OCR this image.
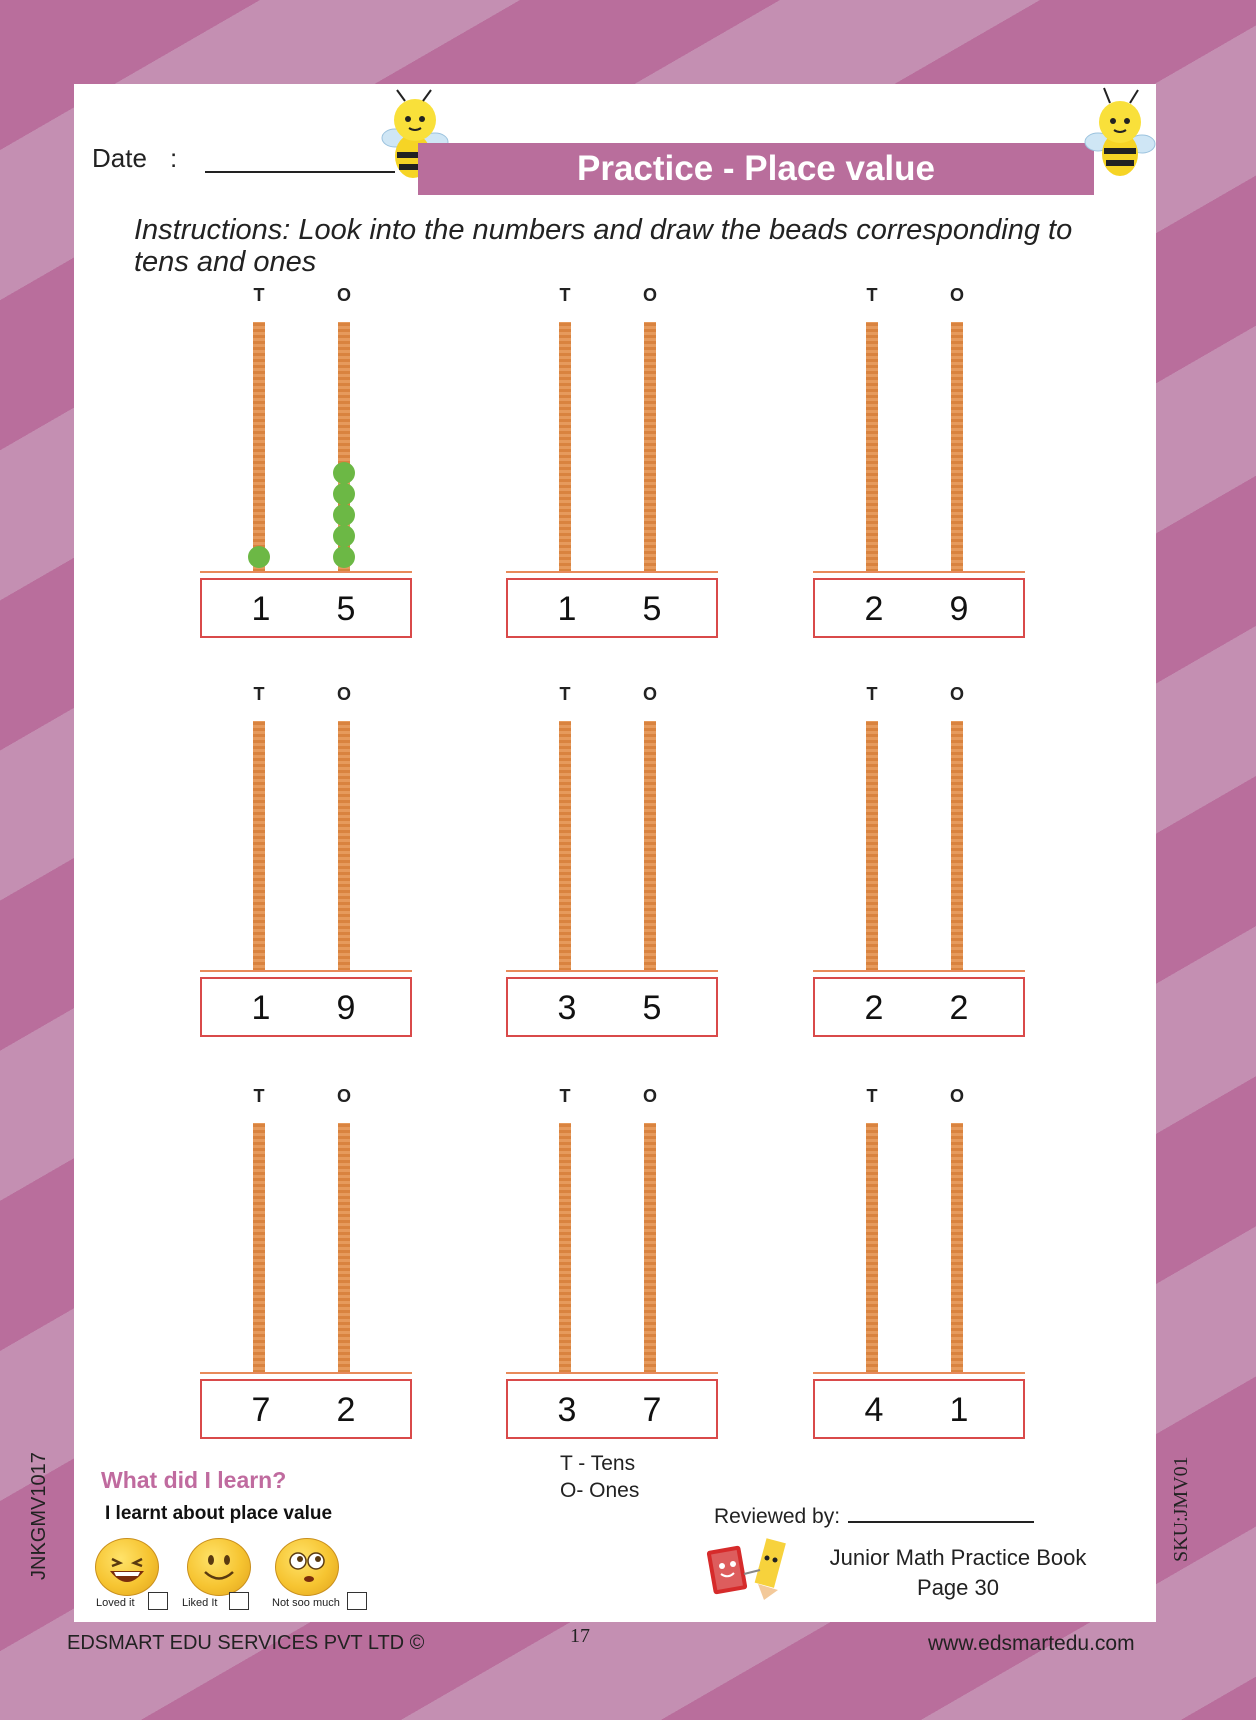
Date :	Practice - Place value
Instructions: Look into the numbers and draw the beads corresponding to tens and ones
T	O
1	5
T	O
1	5
T	O
2	9
T	O
1	9
T	O
3	5
T	O
2	2
T	O
7	2
T	O
3	7
T	O
4	1
T - Tens
O- Ones
What did I learn?
I learnt about place value
Loved it	Liked It	Not soo much
Reviewed by:
Junior Math Practice Book
Page 30
EDSMART EDU SERVICES PVT LTD ©	17	www.edsmartedu.com
JNKGMV1017	SKU:JMV01
